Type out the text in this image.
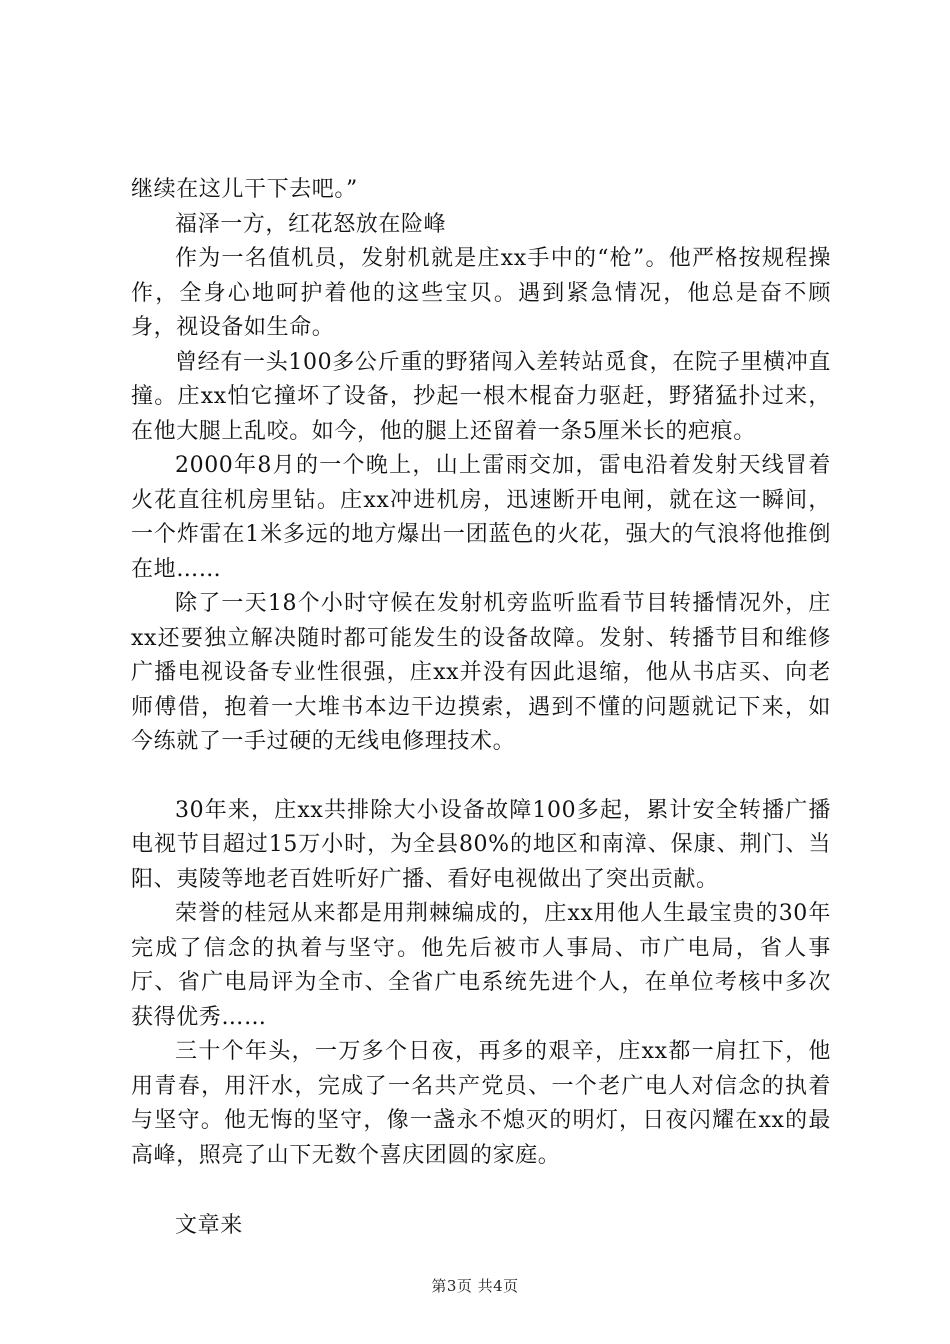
继续在这儿干下去吧。”

福泽一方，红花怒放在险峰

作为一名值机员，发射机就是庄xx手中的“枪”。他严格按规程操作，全身心地呵护着他的这些宝贝。遇到紧急情况，他总是奋不顾身，视设备如生命。

曾经有一头100多公斤重的野猪闯入差转站觅食，在院子里横冲直撞。庄xx怕它撞坏了设备，抄起一根木棍奋力驱赶，野猪猛扑过来，在他大腿上乱咬。如今，他的腿上还留着一条5厘米长的疤痕。

2000年8月的一个晚上，山上雷雨交加，雷电沿着发射天线冒着火花直往机房里钻。庄xx冲进机房，迅速断开电闸，就在这一瞬间，一个炸雷在1米多远的地方爆出一团蓝色的火花，强大的气浪将他推倒在地……

除了一天18个小时守候在发射机旁监听监看节目转播情况外，庄xx还要独立解决随时都可能发生的设备故障。发射、转播节目和维修广播电视设备专业性很强，庄xx并没有因此退缩，他从书店买、向老师傅借，抱着一大堆书本边干边摸索，遇到不懂的问题就记下来，如今练就了一手过硬的无线电修理技术。

30年来，庄xx共排除大小设备故障100多起，累计安全转播广播电视节目超过15万小时，为全县80%的地区和南漳、保康、荆门、当阳、夷陵等地老百姓听好广播、看好电视做出了突出贡献。

荣誉的桂冠从来都是用荆棘编成的，庄xx用他人生最宝贵的30年完成了信念的执着与坚守。他先后被市人事局、市广电局，省人事厅、省广电局评为全市、全省广电系统先进个人，在单位考核中多次获得优秀……

三十个年头，一万多个日夜，再多的艰辛，庄xx都一肩扛下，他用青春，用汗水，完成了一名共产党员、一个老广电人对信念的执着与坚守。他无悔的坚守，像一盏永不熄灭的明灯，日夜闪耀在xx的最高峰，照亮了山下无数个喜庆团圆的家庭。

文章来

第3页 共4页
